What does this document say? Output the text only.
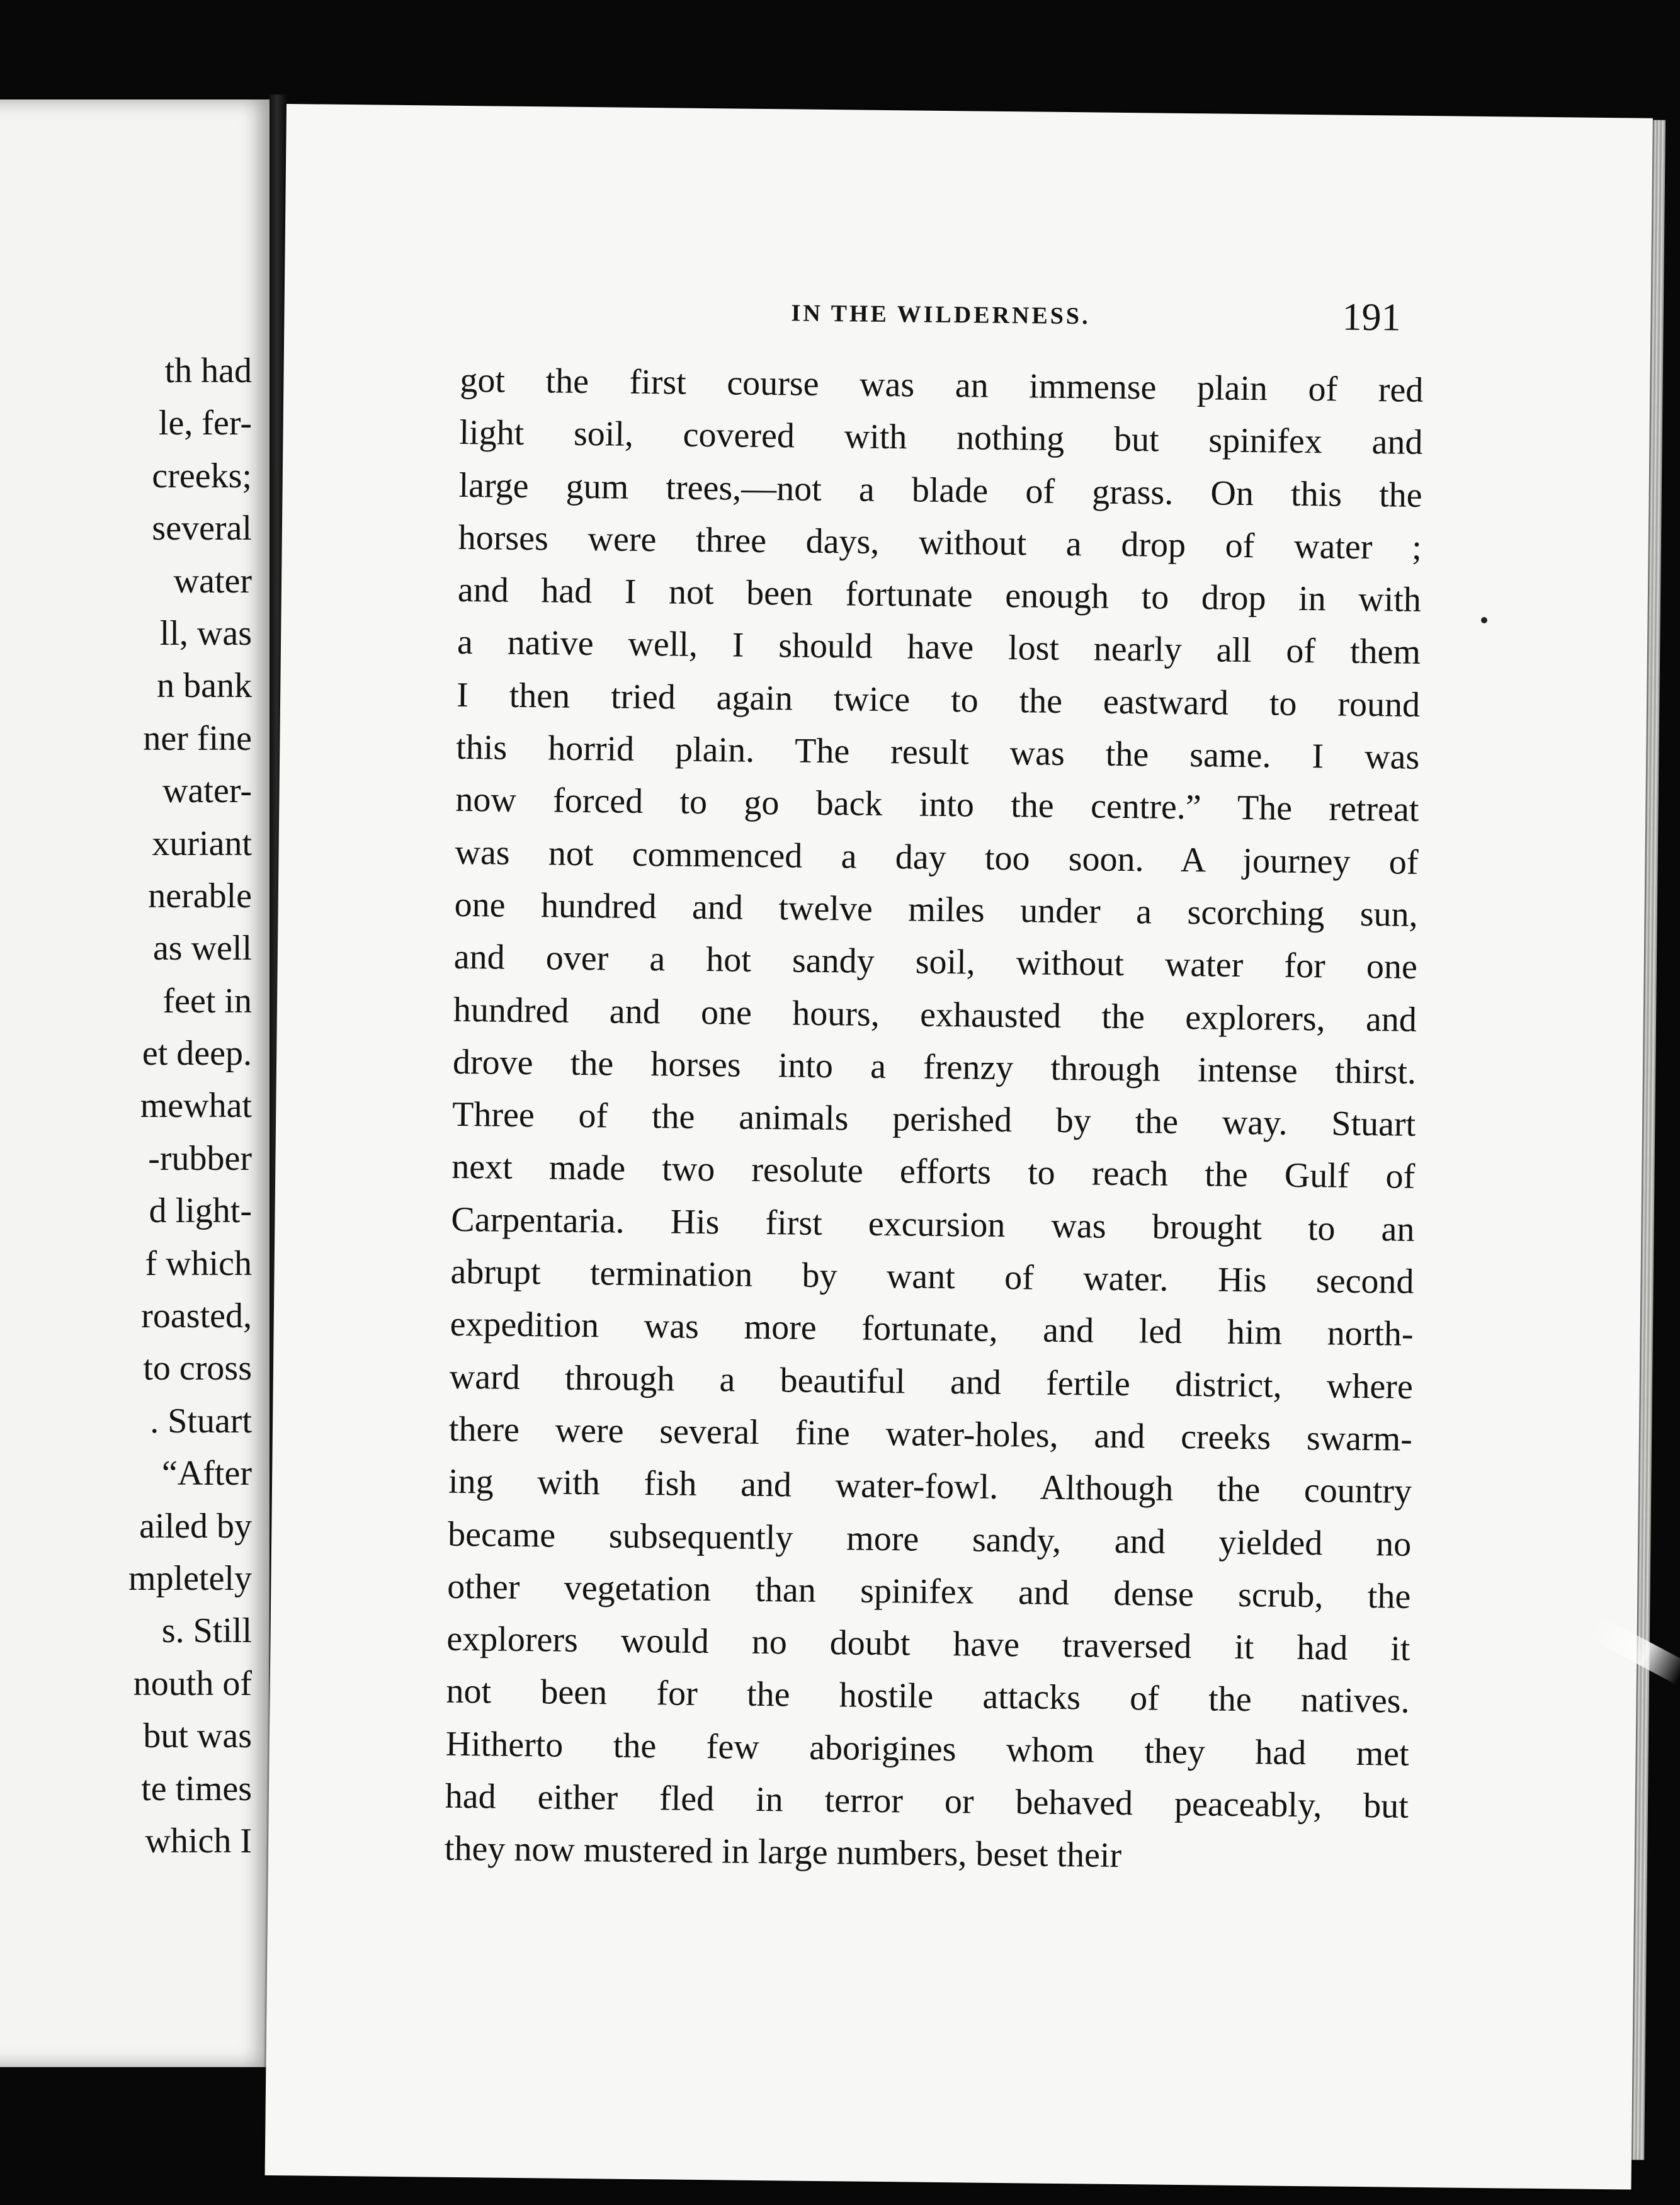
th had
le, fer-
creeks;
several
water
ll, was
n bank
ner fine
water-
xuriant
nerable
as well
feet in
et deep.
mewhat
-rubber
d light-
f which
roasted,
to cross
. Stuart
“After
ailed by
mpletely
s. Still
nouth of
but was
te times
which I
IN THE WILDERNESS.	191
got the first course was an immense plain of red
light soil, covered with nothing but spinifex and
large gum trees,—not a blade of grass. On this the
horses were three days, without a drop of water ;
and had I not been fortunate enough to drop in with
a native well, I should have lost nearly all of them
I then tried again twice to the eastward to round
this horrid plain. The result was the same. I was
now forced to go back into the centre.” The retreat
was not commenced a day too soon. A journey of
one hundred and twelve miles under a scorching sun,
and over a hot sandy soil, without water for one
hundred and one hours, exhausted the explorers, and
drove the horses into a frenzy through intense thirst.
Three of the animals perished by the way. Stuart
next made two resolute efforts to reach the Gulf of
Carpentaria. His first excursion was brought to an
abrupt termination by want of water. His second
expedition was more fortunate, and led him north-
ward through a beautiful and fertile district, where
there were several fine water-holes, and creeks swarm-
ing with fish and water-fowl. Although the country
became subsequently more sandy, and yielded no
other vegetation than spinifex and dense scrub, the
explorers would no doubt have traversed it had it
not been for the hostile attacks of the natives.
Hitherto the few aborigines whom they had met
had either fled in terror or behaved peaceably, but
they now mustered in large numbers, beset their
